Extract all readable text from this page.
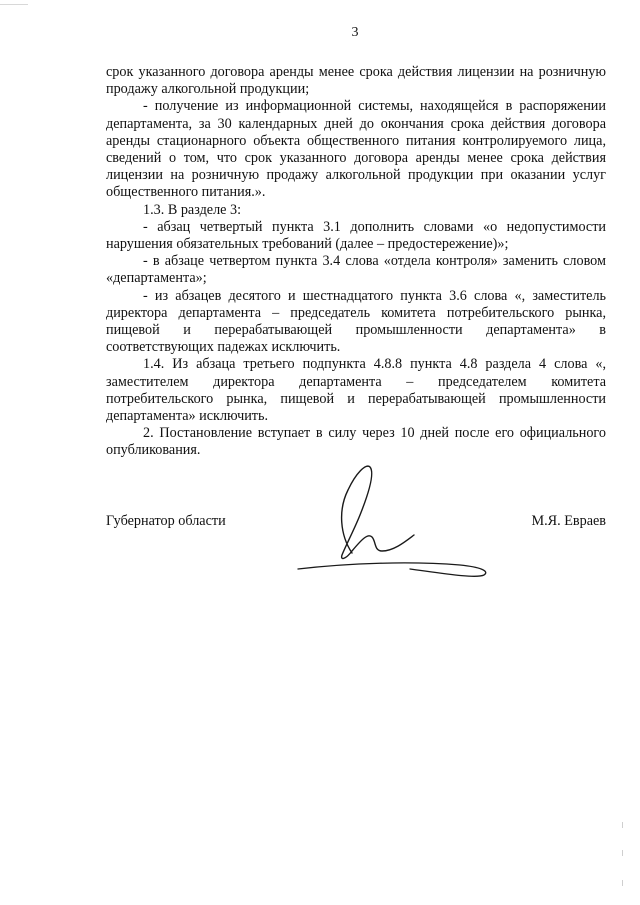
3

срок указанного договора аренды менее срока действия лицензии на розничную продажу алкогольной продукции;

- получение из информационной системы, находящейся в распоряжении департамента, за 30 календарных дней до окончания срока действия договора аренды стационарного объекта общественного питания контролируемого лица, сведений о том, что срок указанного договора аренды менее срока действия лицензии на розничную продажу алкогольной продукции при оказании услуг общественного питания.».

1.3. В разделе 3:

- абзац четвертый пункта 3.1 дополнить словами «о недопустимости нарушения обязательных требований (далее – предостережение)»;

- в абзаце четвертом пункта 3.4 слова «отдела контроля» заменить словом «департамента»;

- из абзацев десятого и шестнадцатого пункта 3.6 слова «, заместитель директора департамента – председатель комитета потребительского рынка, пищевой и перерабатывающей промышленности департамента» в соответствующих падежах исключить.

1.4. Из абзаца третьего подпункта 4.8.8 пункта 4.8 раздела 4 слова «, заместителем директора департамента – председателем комитета потребительского рынка, пищевой и перерабатывающей промышленности департамента» исключить.

2. Постановление вступает в силу через 10 дней после его официального опубликования.

Губернатор области	М.Я. Евраев
